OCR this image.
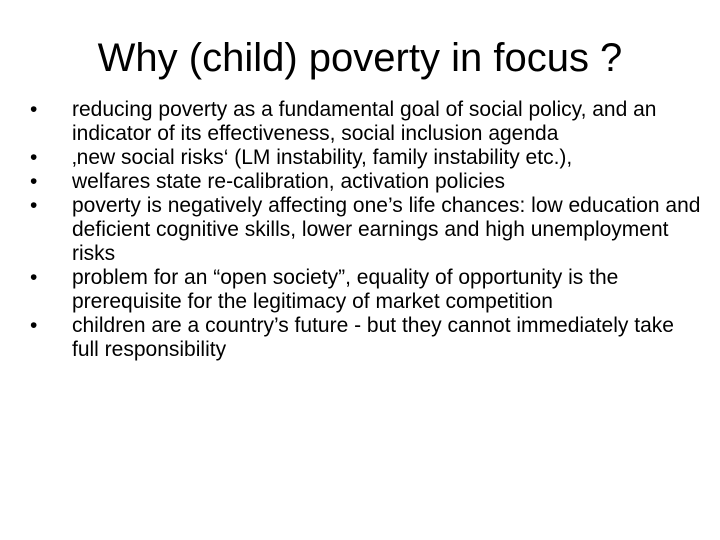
Why (child) poverty in focus ?
•	reducing poverty as a fundamental goal of social policy, and an indicator of its effectiveness, social inclusion agenda
•	‚new social risks‘ (LM instability, family instability etc.),
•	welfares state re-calibration, activation policies
•	poverty is negatively affecting one’s life chances: low education and deficient cognitive skills, lower earnings and high unemployment risks
•	problem for an “open society”, equality of opportunity is the prerequisite for the legitimacy of market competition
•	children are a country’s future - but they cannot immediately take full responsibility
